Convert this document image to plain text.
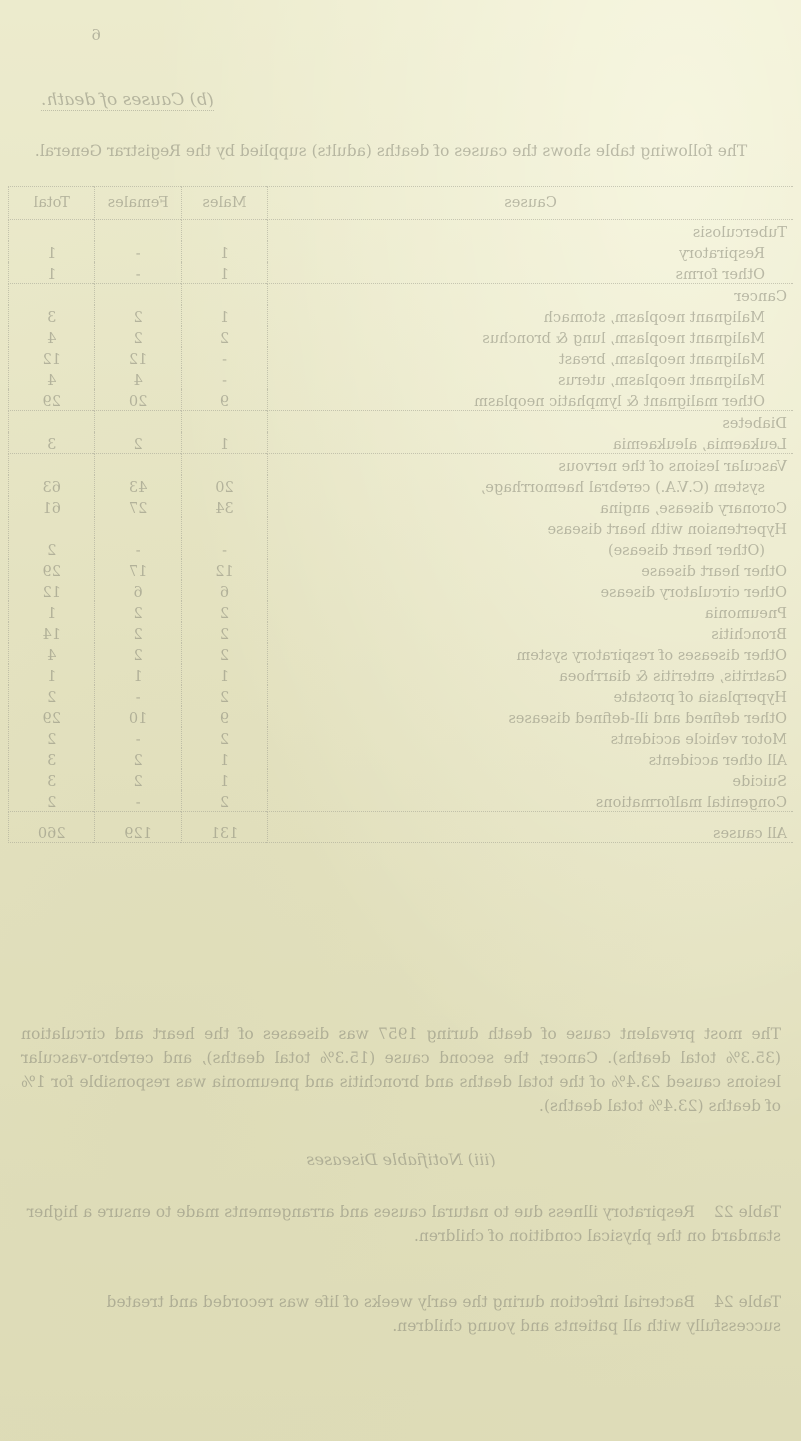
6
(b) Causes of death.
The following table shows the causes of deaths (adults) supplied by the Registrar General.
Causes	Males	Females	Total
Tuberculosis			
Respiratory	1	-	1
Other forms	1	-	1
Cancer			
Malignant neoplasm, stomach	1	2	3
Malignant neoplasm, lung & bronchus	2	2	4
Malignant neoplasm, breast	-	12	12
Malignant neoplasm, uterus	-	4	4
Other malignant & lymphatic neoplasm	9	20	29
Diabetes			
Leukaemia, aleukaemia	1	2	3
Vascular lesions of the nervous			
system (C.V.A.) cerebral haemorrhage,	20	43	63
Coronary disease, angina	34	27	61
Hypertension with heart disease			
(Other heart disease)	-	-	2
Other heart disease	12	17	29
Other circulatory disease	6	6	12
Pneumonia	2	2	1
Bronchitis	2	2	14
Other diseases of respiratory system	2	2	4
Gastritis, enteritis & diarrhoea	1	1	1
Hyperplasia of prostate	2	-	2
Other defined and ill-defined diseases	9	10	29
Motor vehicle accidents	2	-	2
All other accidents	1	2	3
Suicide	1	2	3
Congenital malformations	2	-	2
All causes	131	129	260
The most prevalent cause of death during 1957 was diseases of the heart and circulation (35.3% total deaths). Cancer, the second cause (15.3% total deaths), and cerebro-vascular lesions caused 23.4% of the total deaths and bronchitis and pneumonia was responsible for 1% of deaths (23.4% total deaths).
(iii) Notifiable Diseases
Table 22 Respiratory illness due to natural causes and arrangements made to ensure a higher standard on the physical condition of children.
Table 24 Bacterial infection during the early weeks of life was recorded and treated successfully with all patients and young children.
